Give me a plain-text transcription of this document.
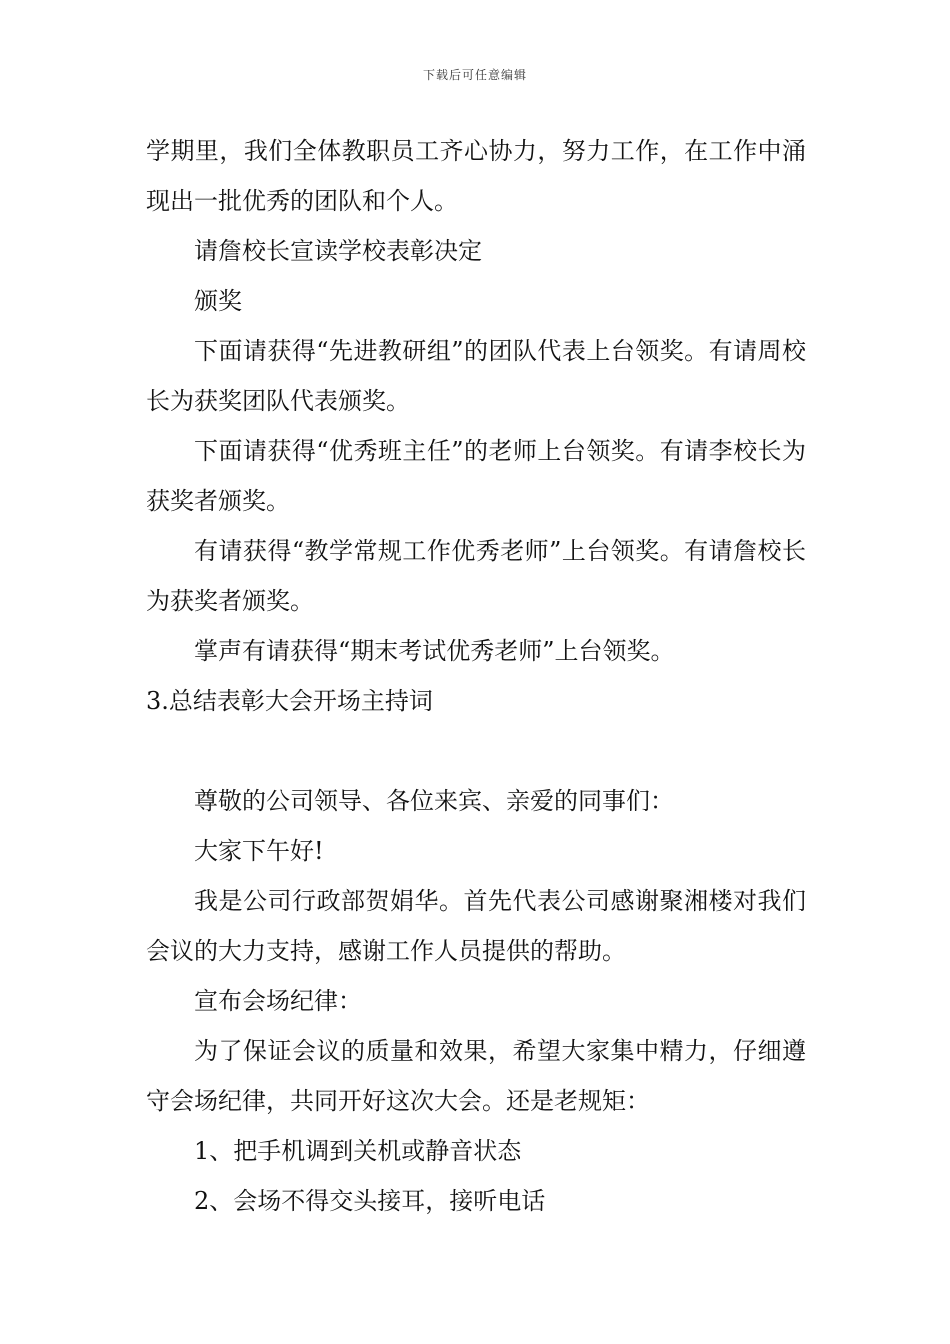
下载后可任意编辑

学期里，我们全体教职员工齐心协力，努力工作，在工作中涌现出一批优秀的团队和个人。

请詹校长宣读学校表彰决定

颁奖

下面请获得“先进教研组”的团队代表上台领奖。有请周校长为获奖团队代表颁奖。

下面请获得“优秀班主任”的老师上台领奖。有请李校长为获奖者颁奖。

有请获得“教学常规工作优秀老师”上台领奖。有请詹校长为获奖者颁奖。

掌声有请获得“期末考试优秀老师”上台领奖。

3.总结表彰大会开场主持词

尊敬的公司领导、各位来宾、亲爱的同事们：

大家下午好!

我是公司行政部贺娟华。首先代表公司感谢聚湘楼对我们会议的大力支持，感谢工作人员提供的帮助。

宣布会场纪律：

为了保证会议的质量和效果，希望大家集中精力，仔细遵守会场纪律，共同开好这次大会。还是老规矩：

1、把手机调到关机或静音状态

2、会场不得交头接耳，接听电话
